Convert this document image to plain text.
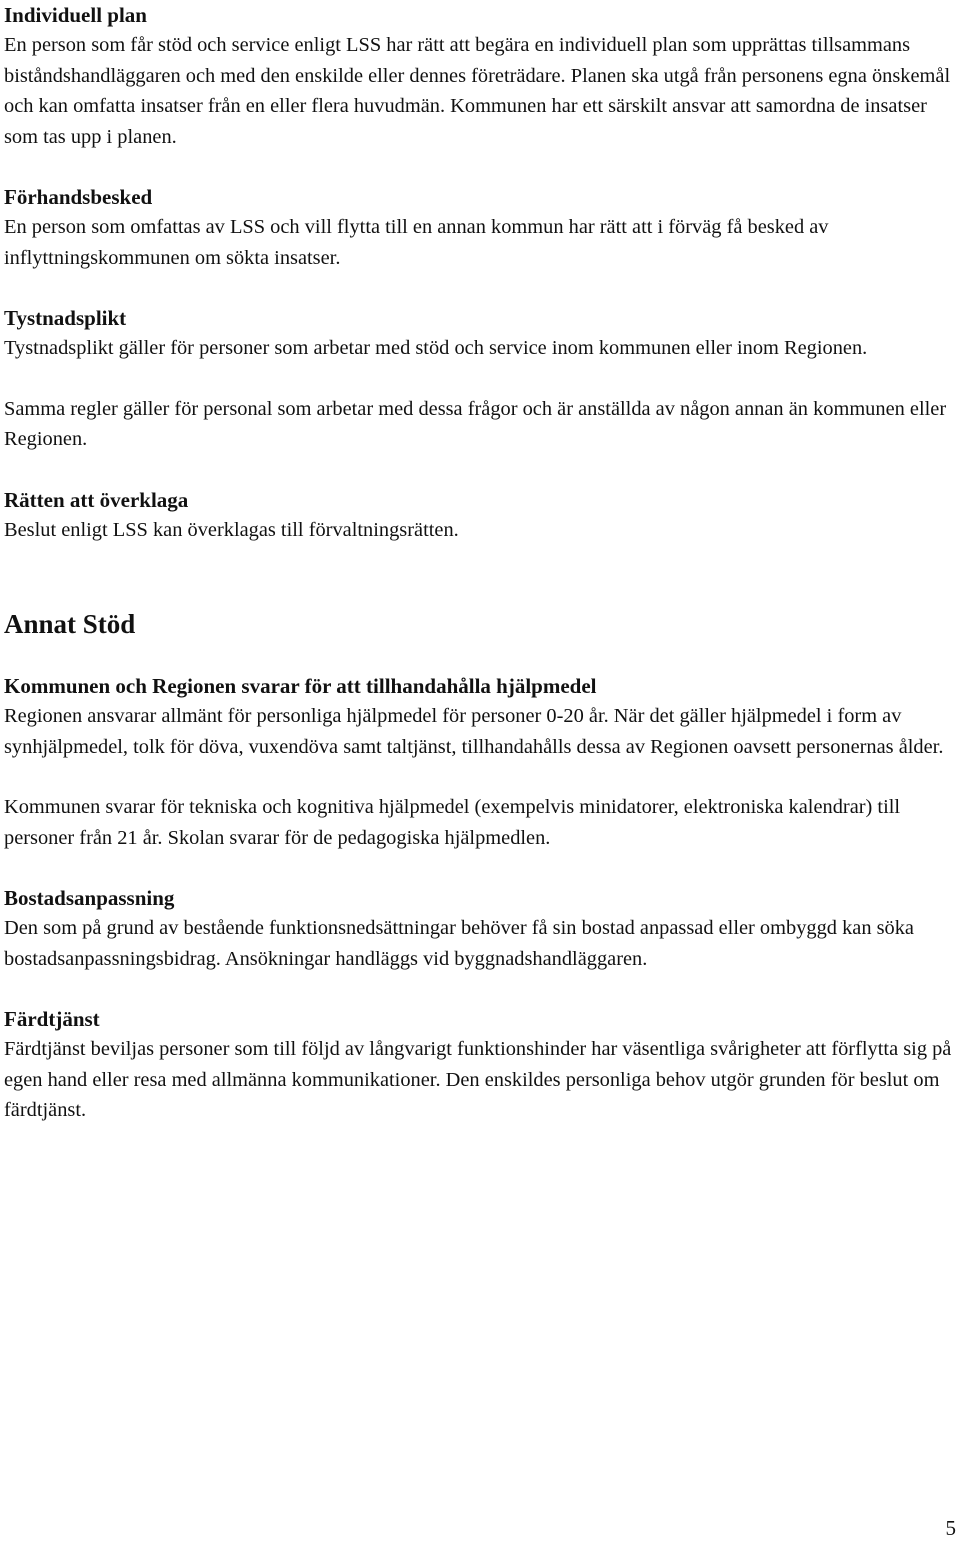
Individuell plan

En person som får stöd och service enligt LSS har rätt att begära en individuell plan som upprättas tillsammans biståndshandläggaren och med den enskilde eller dennes företrädare. Planen ska utgå från personens egna önskemål och kan omfatta insatser från en eller flera huvudmän. Kommunen har ett särskilt ansvar att samordna de insatser som tas upp i planen.

Förhandsbesked

En person som omfattas av LSS och vill flytta till en annan kommun har rätt att i förväg få besked av inflyttningskommunen om sökta insatser.

Tystnadsplikt

Tystnadsplikt gäller för personer som arbetar med stöd och service inom kommunen eller inom Regionen.

Samma regler gäller för personal som arbetar med dessa frågor och är anställda av någon annan än kommunen eller Regionen.

Rätten att överklaga

Beslut enligt LSS kan överklagas till förvaltningsrätten.

Annat Stöd
Kommunen och Regionen svarar för att tillhandahålla hjälpmedel

Regionen ansvarar allmänt för personliga hjälpmedel för personer 0-20 år. När det gäller hjälpmedel i form av synhjälpmedel, tolk för döva, vuxendöva samt taltjänst, tillhandahålls dessa av Regionen oavsett personernas ålder.

Kommunen svarar för tekniska och kognitiva hjälpmedel (exempelvis minidatorer, elektroniska kalendrar) till personer från 21 år. Skolan svarar för de pedagogiska hjälpmedlen.

Bostadsanpassning

Den som på grund av bestående funktionsnedsättningar behöver få sin bostad anpassad eller ombyggd kan söka bostadsanpassningsbidrag. Ansökningar handläggs vid byggnadshandläggaren.

Färdtjänst

Färdtjänst beviljas personer som till följd av långvarigt funktionshinder har väsentliga svårigheter att förflytta sig på egen hand eller resa med allmänna kommunikationer. Den enskildes personliga behov utgör grunden för beslut om färdtjänst.

5
